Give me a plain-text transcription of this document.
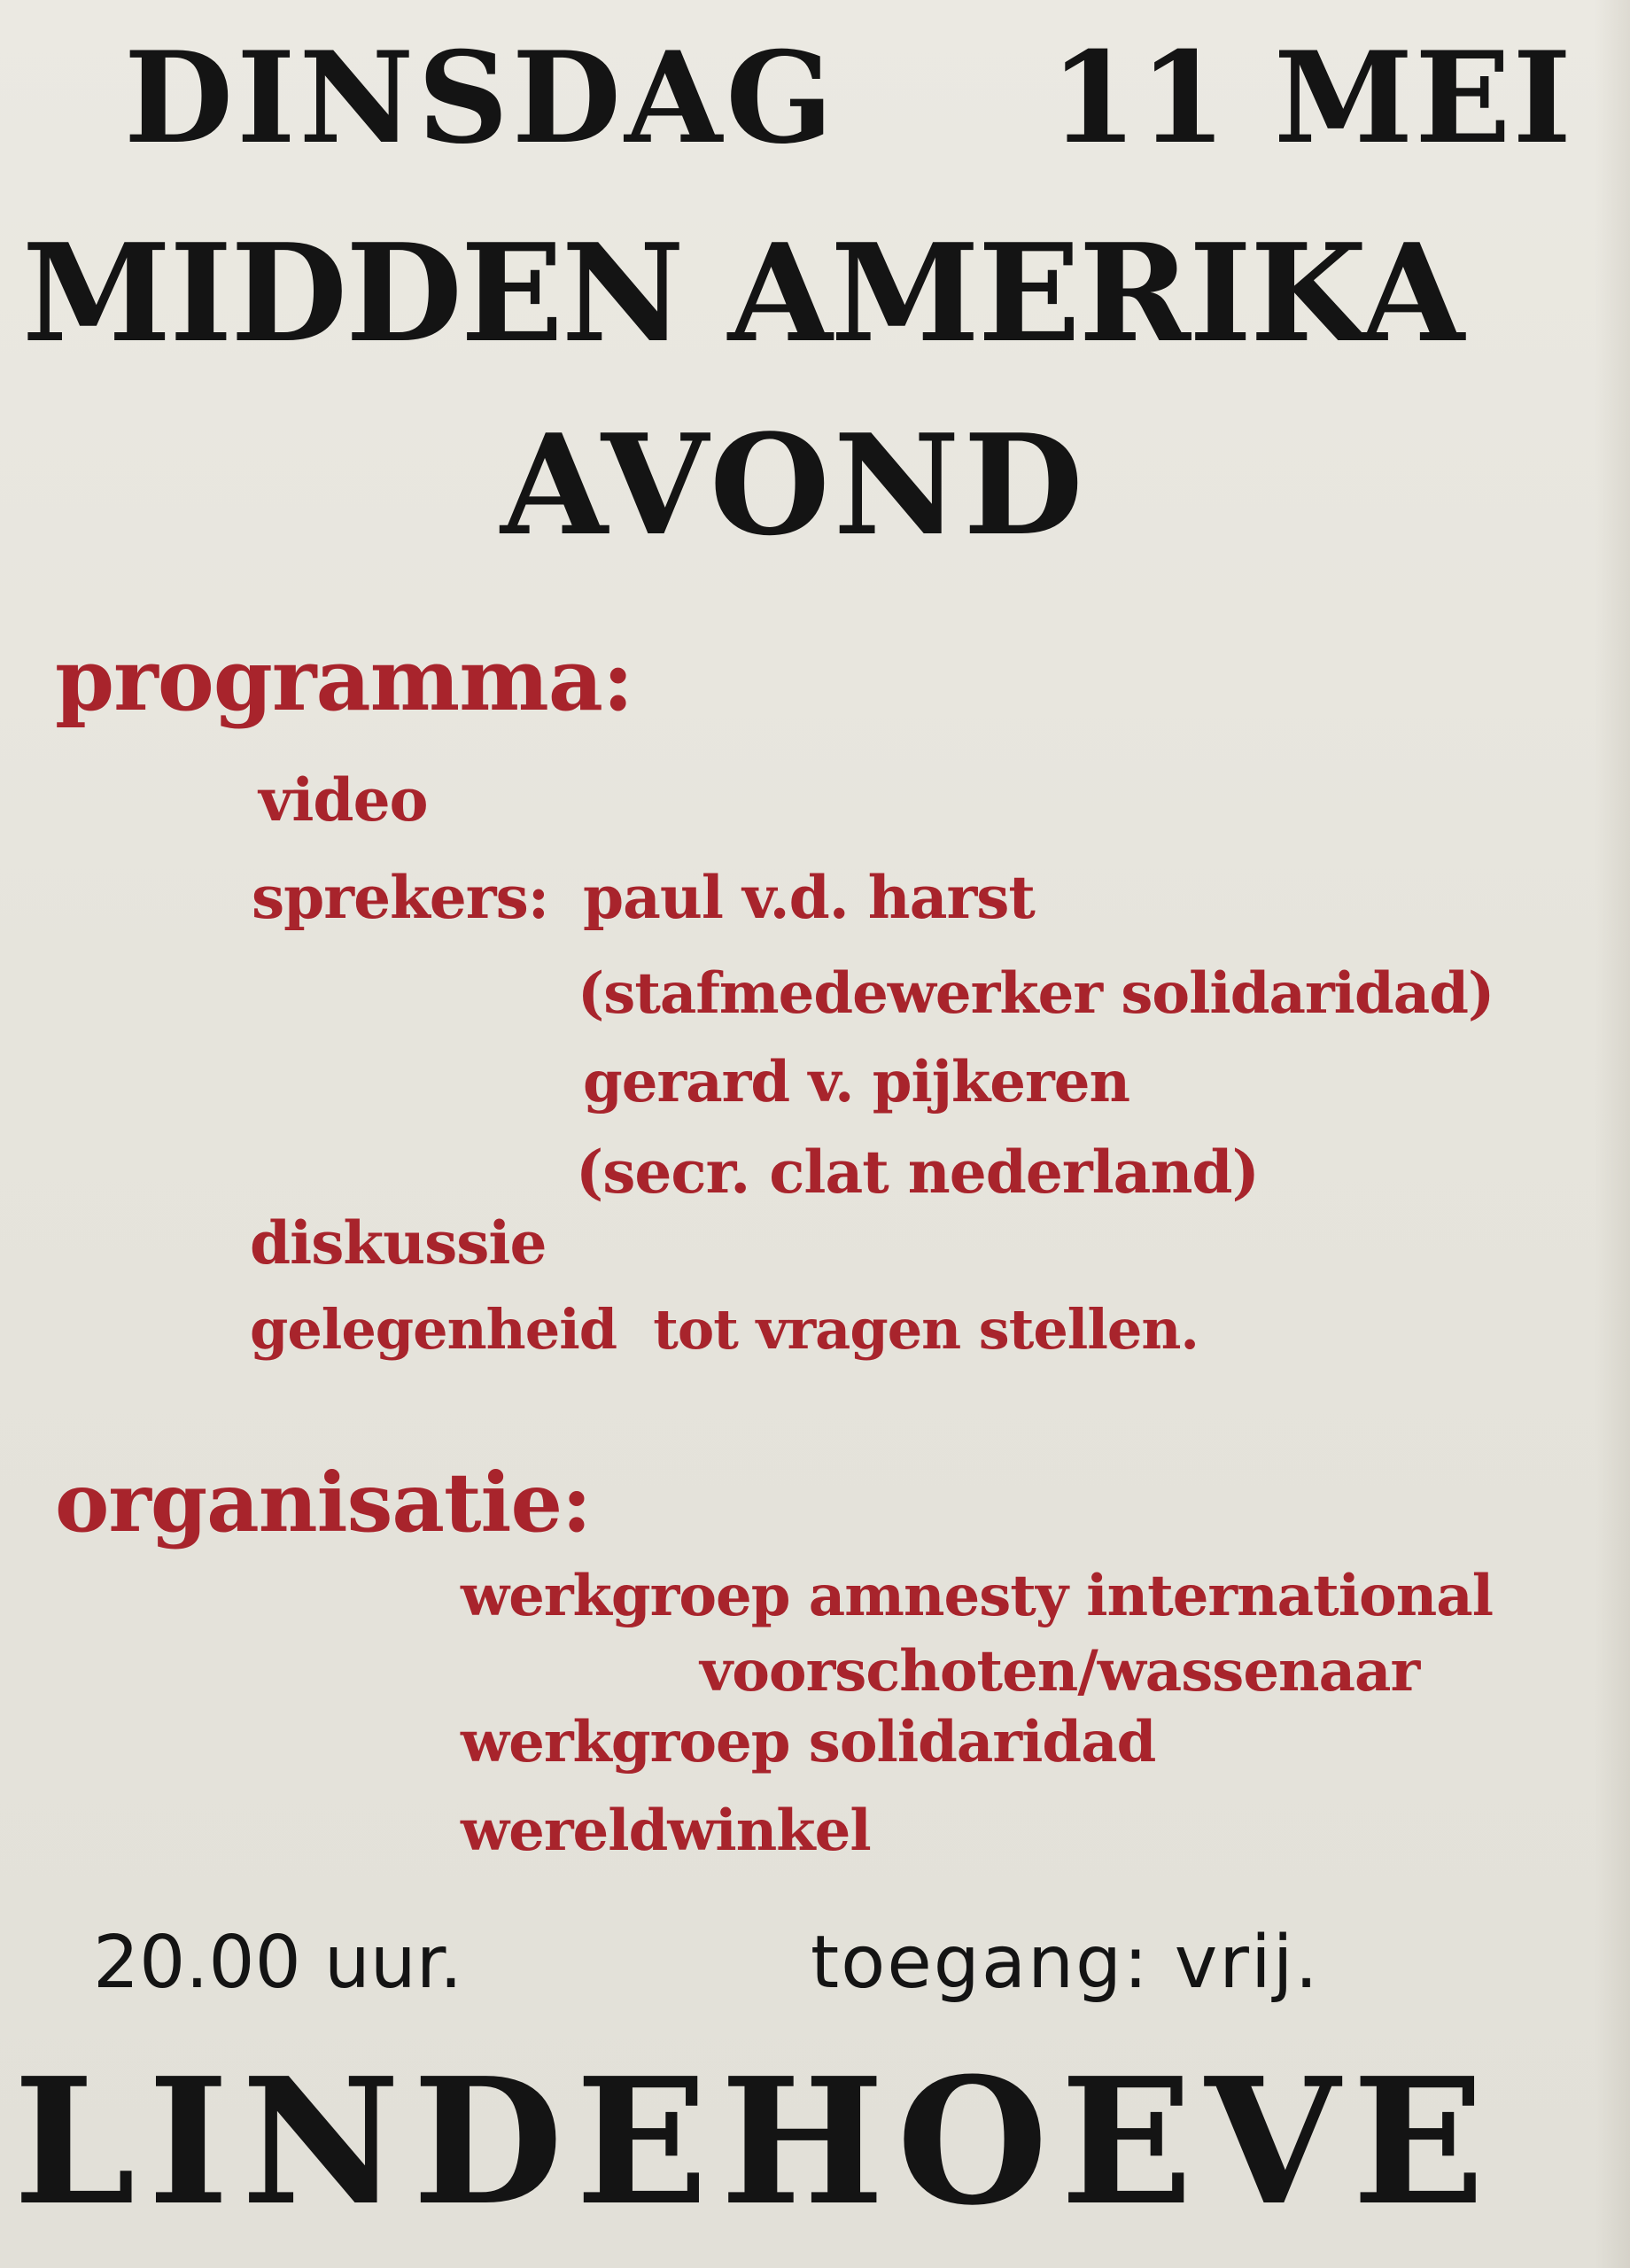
DINSDAG 11 MEI
MIDDEN AMERIKA
AVOND
programma:
video
sprekers: paul v.d. harst
(stafmedewerker solidaridad)
gerard v. pijkeren
(secr. clat nederland)
diskussie
gelegenheid  tot vragen stellen.
organisatie:
werkgroep amnesty international
voorschoten/wassenaar
werkgroep solidaridad
wereldwinkel
20.00 uur.	toegang: vrij.
LINDEHOEVE
